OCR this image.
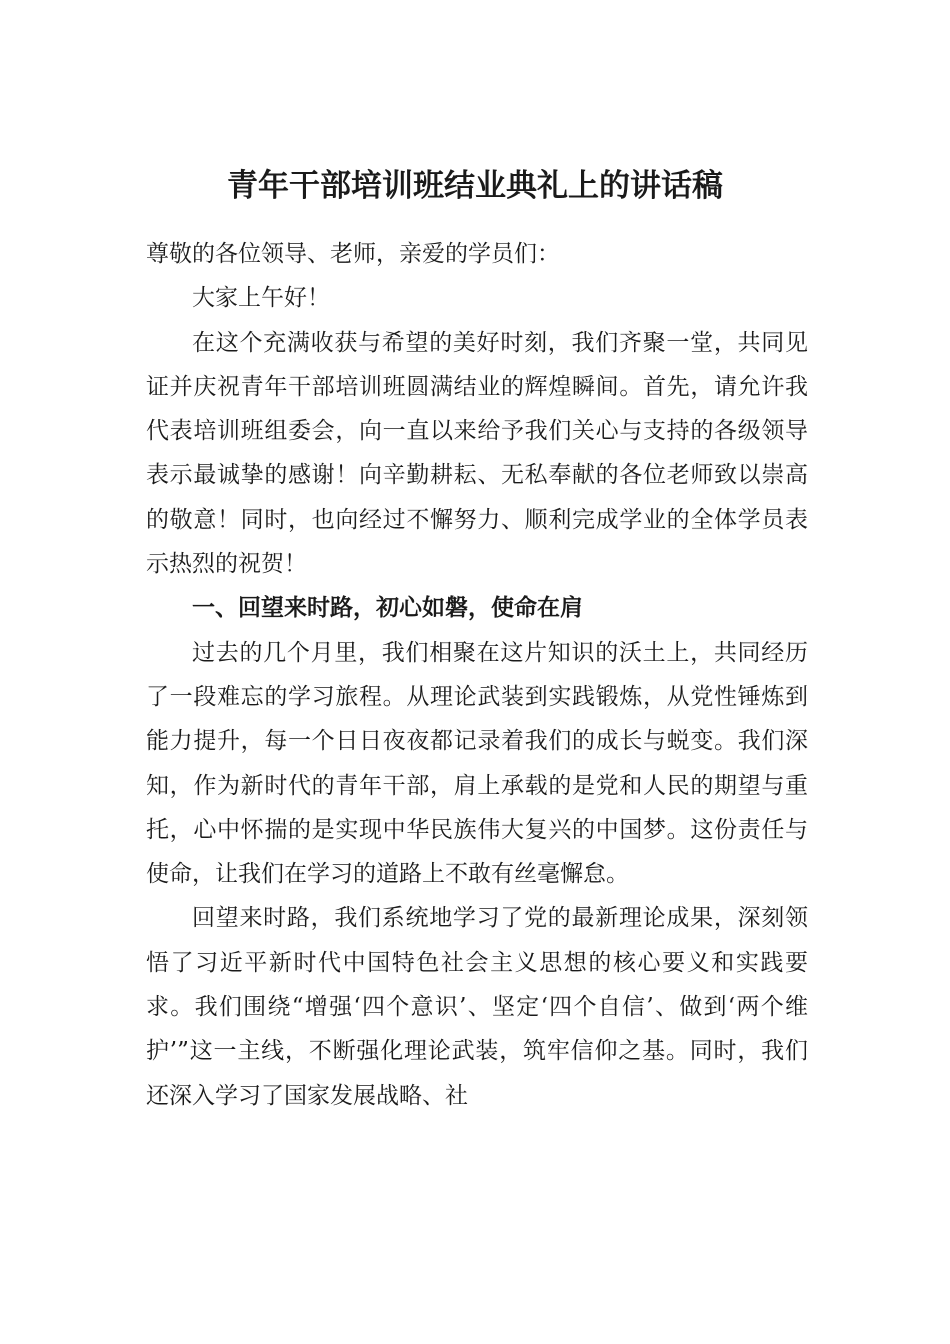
青年干部培训班结业典礼上的讲话稿

尊敬的各位领导、老师，亲爱的学员们：

大家上午好！

在这个充满收获与希望的美好时刻，我们齐聚一堂，共同见证并庆祝青年干部培训班圆满结业的辉煌瞬间。首先，请允许我代表培训班组委会，向一直以来给予我们关心与支持的各级领导表示最诚挚的感谢！向辛勤耕耘、无私奉献的各位老师致以崇高的敬意！同时，也向经过不懈努力、顺利完成学业的全体学员表示热烈的祝贺！

一、回望来时路，初心如磐，使命在肩

过去的几个月里，我们相聚在这片知识的沃土上，共同经历了一段难忘的学习旅程。从理论武装到实践锻炼，从党性锤炼到能力提升，每一个日日夜夜都记录着我们的成长与蜕变。我们深知，作为新时代的青年干部，肩上承载的是党和人民的期望与重托，心中怀揣的是实现中华民族伟大复兴的中国梦。这份责任与使命，让我们在学习的道路上不敢有丝毫懈怠。

回望来时路，我们系统地学习了党的最新理论成果，深刻领悟了习近平新时代中国特色社会主义思想的核心要义和实践要求。我们围绕“增强‘四个意识’、坚定‘四个自信’、做到‘两个维护’”这一主线，不断强化理论武装，筑牢信仰之基。同时，我们还深入学习了国家发展战略、社
